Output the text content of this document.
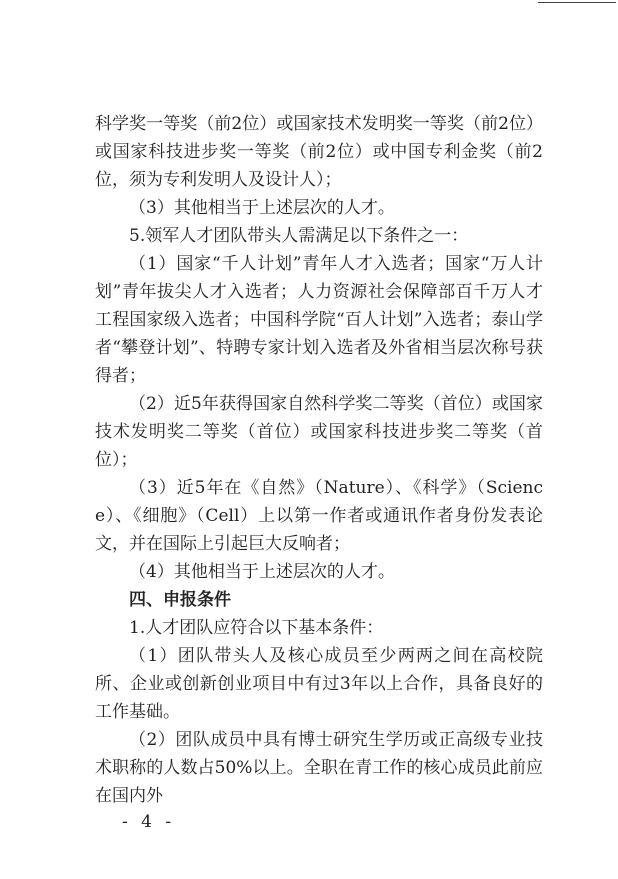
科学奖一等奖（前2位）或国家技术发明奖一等奖（前2位）或国家科技进步奖一等奖（前2位）或中国专利金奖（前2位，须为专利发明人及设计人）；

（3）其他相当于上述层次的人才。

5.领军人才团队带头人需满足以下条件之一：

（1）国家“千人计划”青年人才入选者；国家“万人计划”青年拔尖人才入选者；人力资源社会保障部百千万人才工程国家级入选者；中国科学院“百人计划”入选者；泰山学者“攀登计划”、特聘专家计划入选者及外省相当层次称号获得者；

（2）近5年获得国家自然科学奖二等奖（首位）或国家技术发明奖二等奖（首位）或国家科技进步奖二等奖（首位）；

（3）近5年在《自然》（Nature）、《科学》（Science）、《细胞》（Cell）上以第一作者或通讯作者身份发表论文，并在国际上引起巨大反响者；

（4）其他相当于上述层次的人才。

四、申报条件

1.人才团队应符合以下基本条件：

（1）团队带头人及核心成员至少两两之间在高校院所、企业或创新创业项目中有过3年以上合作，具备良好的工作基础。

（2）团队成员中具有博士研究生学历或正高级专业技术职称的人数占50%以上。全职在青工作的核心成员此前应在国内外

- 4 -
